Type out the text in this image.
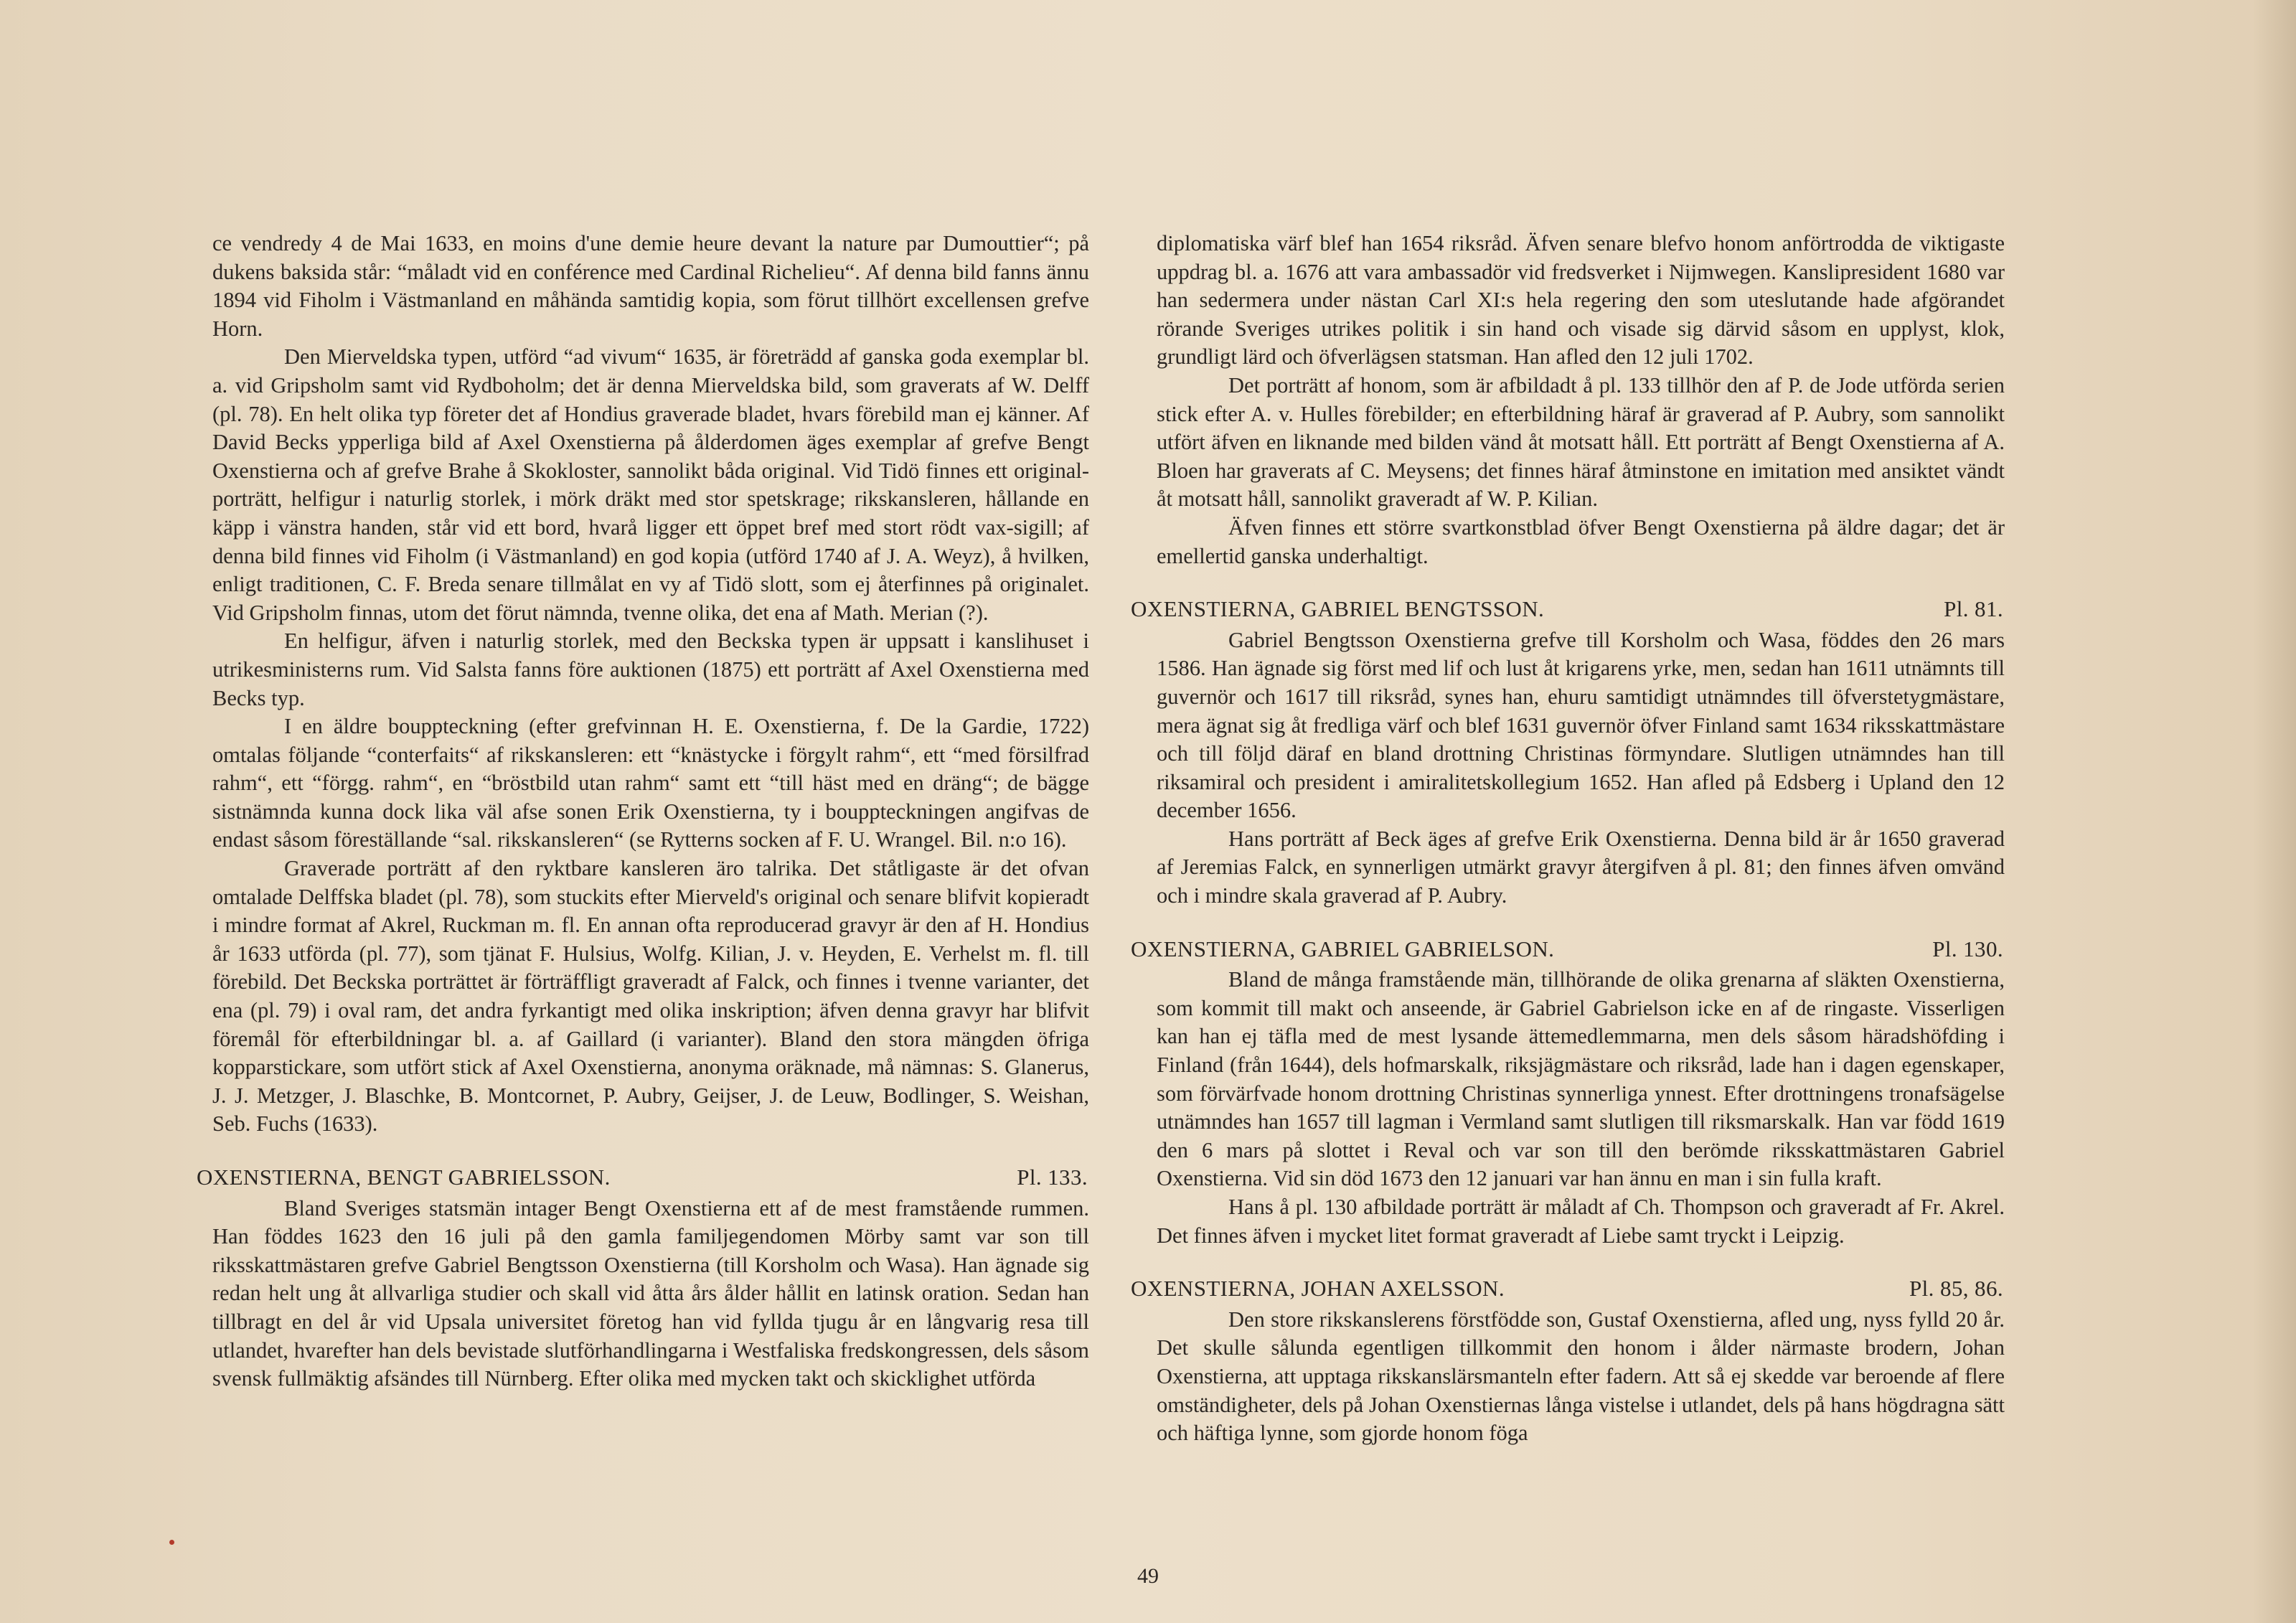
ce vendredy 4 de Mai 1633, en moins d'une demie heure devant la nature par Dumouttier“; på dukens baksida står: “måladt vid en conférence med Cardinal Richelieu“. Af denna bild fanns ännu 1894 vid Fiholm i Västmanland en måhända samtidig kopia, som förut tillhört excellensen grefve Horn.

Den Mierveldska typen, utförd “ad vivum“ 1635, är företrädd af ganska goda exemplar bl. a. vid Gripsholm samt vid Rydboholm; det är denna Mierveldska bild, som graverats af W. Delff (pl. 78). En helt olika typ företer det af Hondius graverade bladet, hvars förebild man ej känner. Af David Becks ypperliga bild af Axel Oxenstierna på ålderdomen äges exemplar af grefve Bengt Oxenstierna och af grefve Brahe å Skokloster, sannolikt båda original. Vid Tidö finnes ett originalporträtt, helfigur i naturlig storlek, i mörk dräkt med stor spetskrage; rikskansleren, hållande en käpp i vänstra handen, står vid ett bord, hvarå ligger ett öppet bref med stort rödt vax-sigill; af denna bild finnes vid Fiholm (i Västmanland) en god kopia (utförd 1740 af J. A. Weyz), å hvilken, enligt traditionen, C. F. Breda senare tillmålat en vy af Tidö slott, som ej återfinnes på originalet. Vid Gripsholm finnas, utom det förut nämnda, tvenne olika, det ena af Math. Merian (?).

En helfigur, äfven i naturlig storlek, med den Beckska typen är uppsatt i kanslihuset i utrikesministerns rum. Vid Salsta fanns före auktionen (1875) ett porträtt af Axel Oxenstierna med Becks typ.

I en äldre bouppteckning (efter grefvinnan H. E. Oxenstierna, f. De la Gardie, 1722) omtalas följande “conterfaits“ af rikskansleren: ett “knästycke i förgylt rahm“, ett “med försilfrad rahm“, ett “förgg. rahm“, en “bröstbild utan rahm“ samt ett “till häst med en dräng“; de bägge sistnämnda kunna dock lika väl afse sonen Erik Oxenstierna, ty i bouppteckningen angifvas de endast såsom föreställande “sal. rikskansleren“ (se Rytterns socken af F. U. Wrangel. Bil. n:o 16).

Graverade porträtt af den ryktbare kansleren äro talrika. Det ståtligaste är det ofvan omtalade Delffska bladet (pl. 78), som stuckits efter Mierveld's original och senare blifvit kopieradt i mindre format af Akrel, Ruckman m. fl. En annan ofta reproducerad gravyr är den af H. Hondius år 1633 utförda (pl. 77), som tjänat F. Hulsius, Wolfg. Kilian, J. v. Heyden, E. Verhelst m. fl. till förebild. Det Beckska porträttet är förträffligt graveradt af Falck, och finnes i tvenne varianter, det ena (pl. 79) i oval ram, det andra fyrkantigt med olika inskription; äfven denna gravyr har blifvit föremål för efterbildningar bl. a. af Gaillard (i varianter). Bland den stora mängden öfriga kopparstickare, som utfört stick af Axel Oxenstierna, anonyma oräknade, må nämnas: S. Glanerus, J. J. Metzger, J. Blaschke, B. Montcornet, P. Aubry, Geijser, J. de Leuw, Bodlinger, S. Weishan, Seb. Fuchs (1633).

OXENSTIERNA, BENGT GABRIELSSON.	Pl. 133.

Bland Sveriges statsmän intager Bengt Oxenstierna ett af de mest framstående rummen. Han föddes 1623 den 16 juli på den gamla familjegendomen Mörby samt var son till riksskattmästaren grefve Gabriel Bengtsson Oxenstierna (till Korsholm och Wasa). Han ägnade sig redan helt ung åt allvarliga studier och skall vid åtta års ålder hållit en latinsk oration. Sedan han tillbragt en del år vid Upsala universitet företog han vid fyllda tjugu år en långvarig resa till utlandet, hvarefter han dels bevistade slutförhandlingarna i Westfaliska fredskongressen, dels såsom svensk fullmäktig afsändes till Nürnberg. Efter olika med mycken takt och skicklighet utförda

diplomatiska värf blef han 1654 riksråd. Äfven senare blefvo honom anförtrodda de viktigaste uppdrag bl. a. 1676 att vara ambassadör vid fredsverket i Nijmwegen. Kanslipresident 1680 var han sedermera under nästan Carl XI:s hela regering den som uteslutande hade afgörandet rörande Sveriges utrikes politik i sin hand och visade sig därvid såsom en upplyst, klok, grundligt lärd och öfverlägsen statsman. Han afled den 12 juli 1702.

Det porträtt af honom, som är afbildadt å pl. 133 tillhör den af P. de Jode utförda serien stick efter A. v. Hulles förebilder; en efterbildning häraf är graverad af P. Aubry, som sannolikt utfört äfven en liknande med bilden vänd åt motsatt håll. Ett porträtt af Bengt Oxenstierna af A. Bloen har graverats af C. Meysens; det finnes häraf åtminstone en imitation med ansiktet vändt åt motsatt håll, sannolikt graveradt af W. P. Kilian.

Äfven finnes ett större svartkonstblad öfver Bengt Oxenstierna på äldre dagar; det är emellertid ganska underhaltigt.

OXENSTIERNA, GABRIEL BENGTSSON.	Pl. 81.

Gabriel Bengtsson Oxenstierna grefve till Korsholm och Wasa, föddes den 26 mars 1586. Han ägnade sig först med lif och lust åt krigarens yrke, men, sedan han 1611 utnämnts till guvernör och 1617 till riksråd, synes han, ehuru samtidigt utnämndes till öfverstetygmästare, mera ägnat sig åt fredliga värf och blef 1631 guvernör öfver Finland samt 1634 riksskattmästare och till följd däraf en bland drottning Christinas förmyndare. Slutligen utnämndes han till riksamiral och president i amiralitetskollegium 1652. Han afled på Edsberg i Upland den 12 december 1656.

Hans porträtt af Beck äges af grefve Erik Oxenstierna. Denna bild är år 1650 graverad af Jeremias Falck, en synnerligen utmärkt gravyr återgifven å pl. 81; den finnes äfven omvänd och i mindre skala graverad af P. Aubry.

OXENSTIERNA, GABRIEL GABRIELSON.	Pl. 130.

Bland de många framstående män, tillhörande de olika grenarna af släkten Oxenstierna, som kommit till makt och anseende, är Gabriel Gabrielson icke en af de ringaste. Visserligen kan han ej täfla med de mest lysande ättemedlemmarna, men dels såsom häradshöfding i Finland (från 1644), dels hofmarskalk, riksjägmästare och riksråd, lade han i dagen egenskaper, som förvärfvade honom drottning Christinas synnerliga ynnest. Efter drottningens tronafsägelse utnämndes han 1657 till lagman i Vermland samt slutligen till riksmarskalk. Han var född 1619 den 6 mars på slottet i Reval och var son till den berömde riksskattmästaren Gabriel Oxenstierna. Vid sin död 1673 den 12 januari var han ännu en man i sin fulla kraft.

Hans å pl. 130 afbildade porträtt är måladt af Ch. Thompson och graveradt af Fr. Akrel. Det finnes äfven i mycket litet format graveradt af Liebe samt tryckt i Leipzig.

OXENSTIERNA, JOHAN AXELSSON.	Pl. 85, 86.

Den store rikskanslerens förstfödde son, Gustaf Oxenstierna, afled ung, nyss fylld 20 år. Det skulle sålunda egentligen tillkommit den honom i ålder närmaste brodern, Johan Oxenstierna, att upptaga rikskanslärsmanteln efter fadern. Att så ej skedde var beroende af flere omständigheter, dels på Johan Oxenstiernas långa vistelse i utlandet, dels på hans högdragna sätt och häftiga lynne, som gjorde honom föga

49
